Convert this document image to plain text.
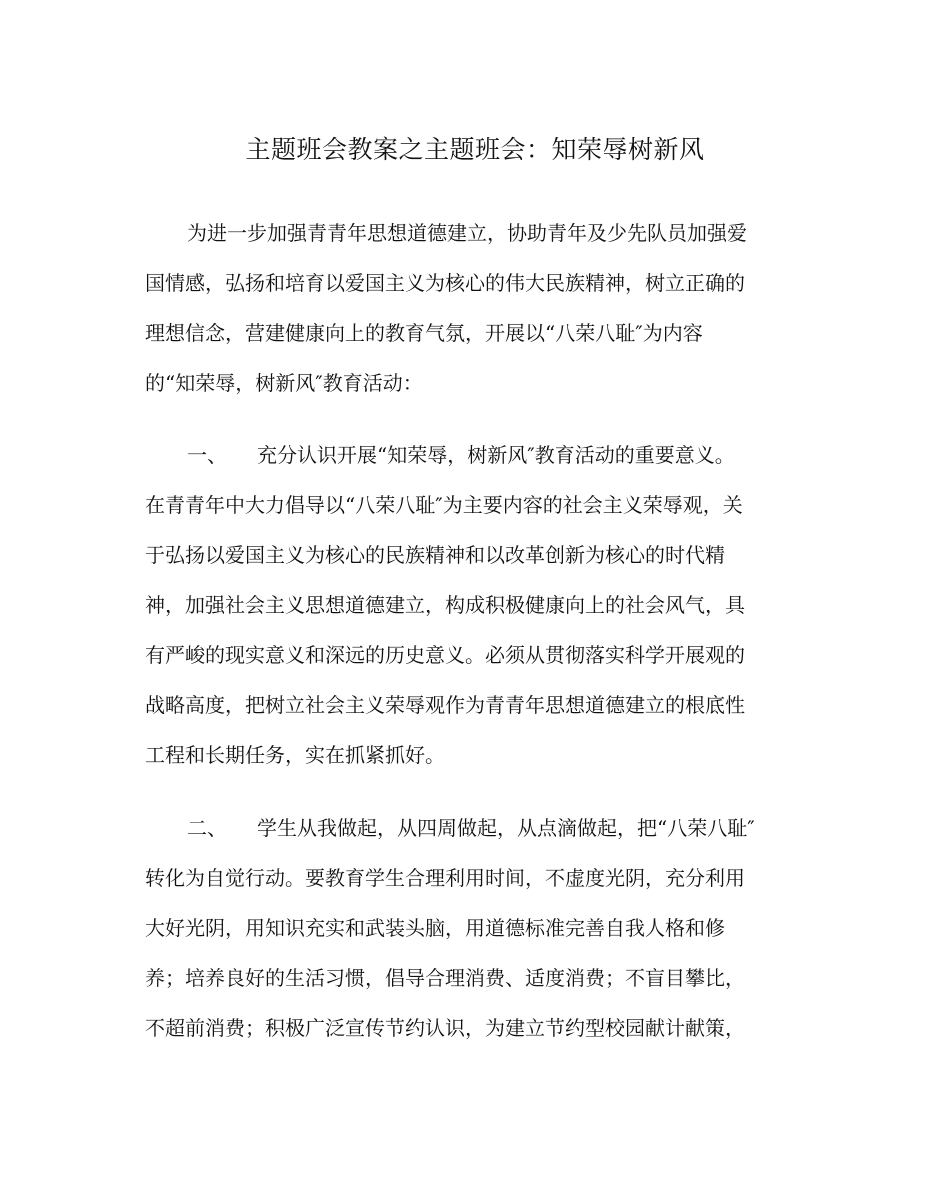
主题班会教案之主题班会：知荣辱树新风

为进一步加强青青年思想道德建立，协助青年及少先队员加强爱

国情感，弘扬和培育以爱国主义为核心的伟大民族精神，树立正确的

理想信念，营建健康向上的教育气氛，开展以“八荣八耻″为内容

的“知荣辱，树新风″教育活动：

一、 充分认识开展“知荣辱，树新风″教育活动的重要意义。

在青青年中大力倡导以“八荣八耻″为主要内容的社会主义荣辱观，关

于弘扬以爱国主义为核心的民族精神和以改革创新为核心的时代精

神，加强社会主义思想道德建立，构成积极健康向上的社会风气，具

有严峻的现实意义和深远的历史意义。必须从贯彻落实科学开展观的

战略高度，把树立社会主义荣辱观作为青青年思想道德建立的根底性

工程和长期任务，实在抓紧抓好。

二、 学生从我做起，从四周做起，从点滴做起，把“八荣八耻″

转化为自觉行动。要教育学生合理利用时间，不虚度光阴，充分利用

大好光阴，用知识充实和武装头脑，用道德标准完善自我人格和修

养；培养良好的生活习惯，倡导合理消费、适度消费；不盲目攀比，

不超前消费；积极广泛宣传节约认识，为建立节约型校园献计献策，
